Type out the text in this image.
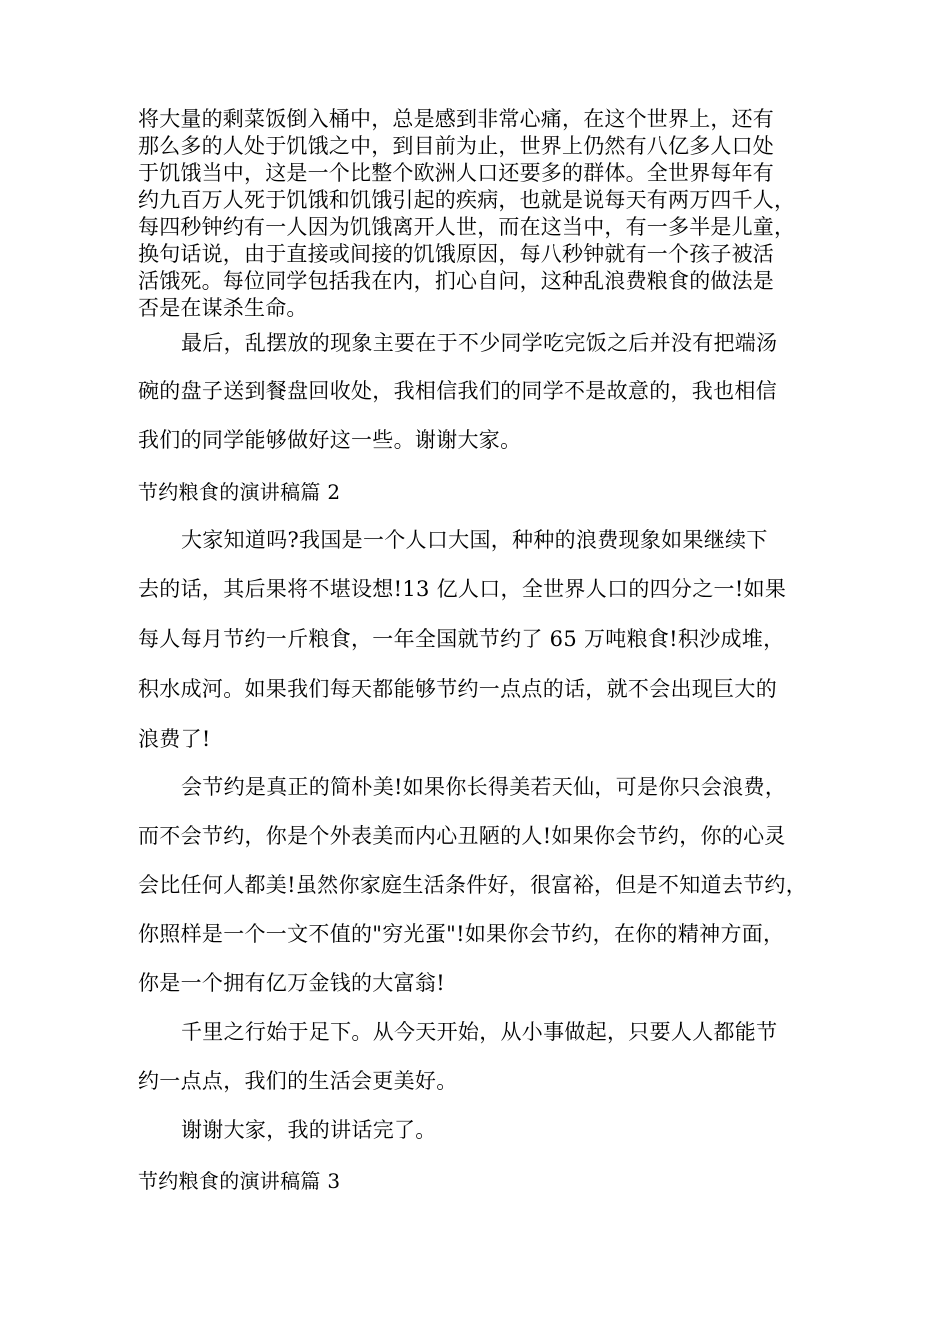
将大量的剩菜饭倒入桶中，总是感到非常心痛，在这个世界上，还有
那么多的人处于饥饿之中，到目前为止，世界上仍然有八亿多人口处
于饥饿当中，这是一个比整个欧洲人口还要多的群体。全世界每年有
约九百万人死于饥饿和饥饿引起的疾病，也就是说每天有两万四千人，
每四秒钟约有一人因为饥饿离开人世，而在这当中，有一多半是儿童，
换句话说，由于直接或间接的饥饿原因，每八秒钟就有一个孩子被活
活饿死。每位同学包括我在内，扪心自问，这种乱浪费粮食的做法是
否是在谋杀生命。
最后，乱摆放的现象主要在于不少同学吃完饭之后并没有把端汤
碗的盘子送到餐盘回收处，我相信我们的同学不是故意的，我也相信
我们的同学能够做好这一些。谢谢大家。
节约粮食的演讲稿篇 2
大家知道吗?我国是一个人口大国，种种的浪费现象如果继续下
去的话，其后果将不堪设想!13 亿人口，全世界人口的四分之一!如果
每人每月节约一斤粮食，一年全国就节约了 65 万吨粮食!积沙成堆，
积水成河。如果我们每天都能够节约一点点的话，就不会出现巨大的
浪费了!
会节约是真正的简朴美!如果你长得美若天仙，可是你只会浪费，
而不会节约，你是个外表美而内心丑陋的人!如果你会节约，你的心灵
会比任何人都美!虽然你家庭生活条件好，很富裕，但是不知道去节约，
你照样是一个一文不值的"穷光蛋"!如果你会节约，在你的精神方面，
你是一个拥有亿万金钱的大富翁!
千里之行始于足下。从今天开始，从小事做起，只要人人都能节
约一点点，我们的生活会更美好。
谢谢大家，我的讲话完了。
节约粮食的演讲稿篇 3
